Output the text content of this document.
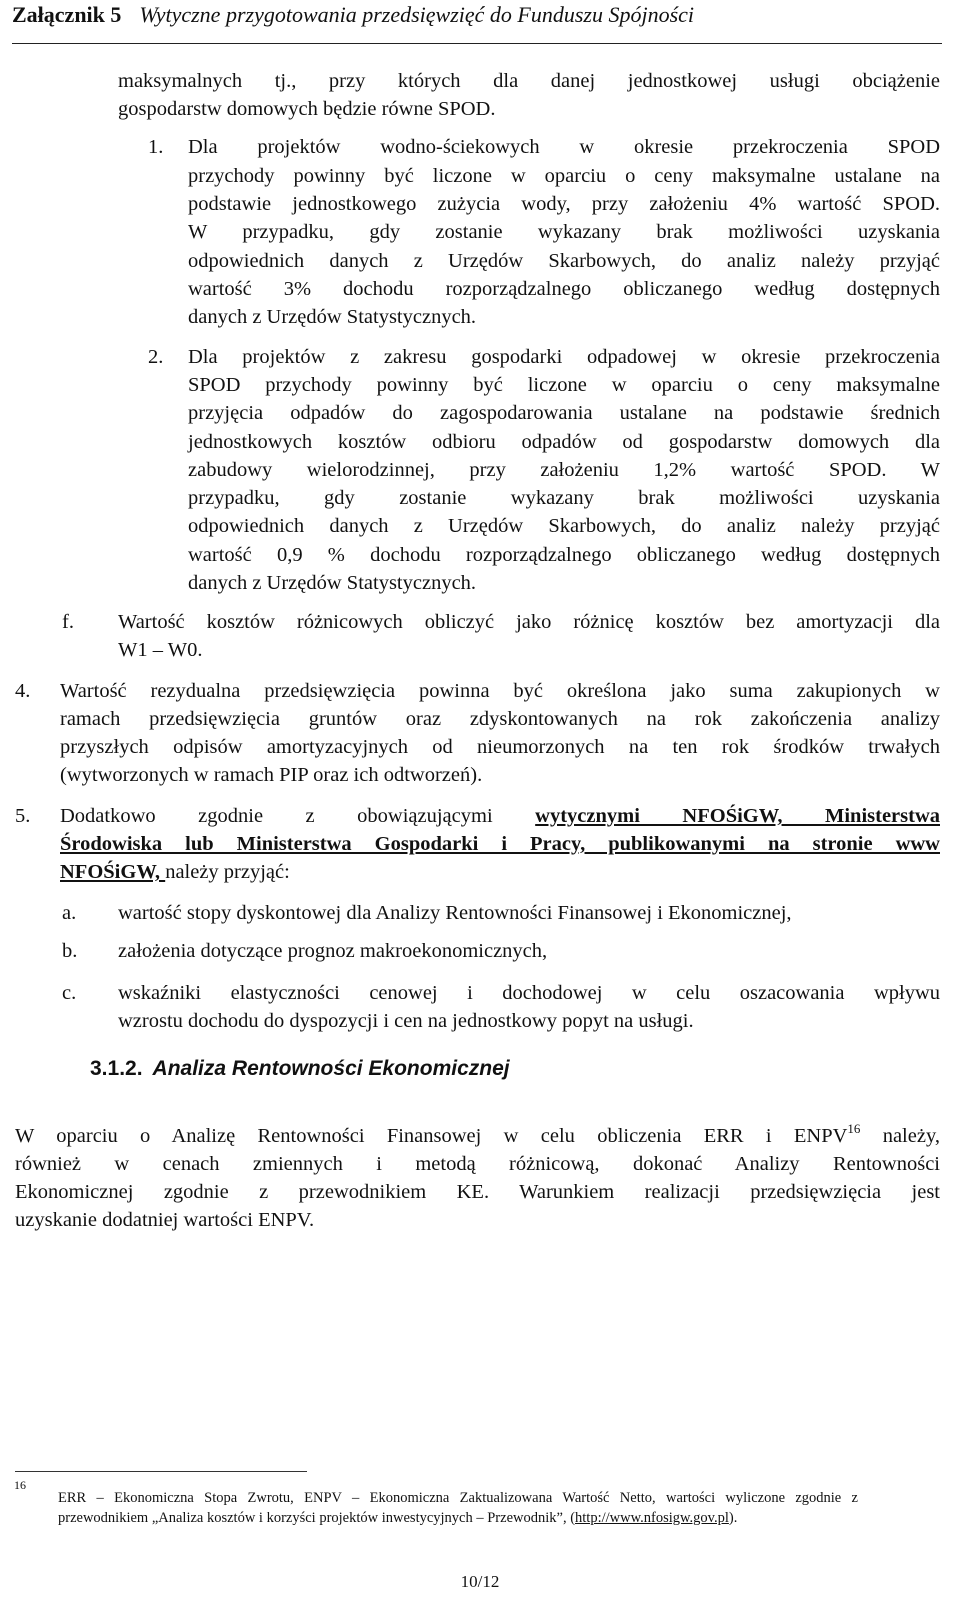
Załącznik 5 Wytyczne przygotowania przedsięwzięć do Funduszu Spójności
maksymalnych tj., przy których dla danej jednostkowej usługi obciążenie
gospodarstw domowych będzie równe SPOD.
1. Dla projektów wodno-ściekowych w okresie przekroczenia SPOD
przychody powinny być liczone w oparciu o ceny maksymalne ustalane na
podstawie jednostkowego zużycia wody, przy założeniu 4% wartość SPOD.
W przypadku, gdy zostanie wykazany brak możliwości uzyskania
odpowiednich danych z Urzędów Skarbowych, do analiz należy przyjąć
wartość 3% dochodu rozporządzalnego obliczanego według dostępnych
danych z Urzędów Statystycznych.
2. Dla projektów z zakresu gospodarki odpadowej w okresie przekroczenia
SPOD przychody powinny być liczone w oparciu o ceny maksymalne
przyjęcia odpadów do zagospodarowania ustalane na podstawie średnich
jednostkowych kosztów odbioru odpadów od gospodarstw domowych dla
zabudowy wielorodzinnej, przy założeniu 1,2% wartość SPOD. W
przypadku, gdy zostanie wykazany brak możliwości uzyskania
odpowiednich danych z Urzędów Skarbowych, do analiz należy przyjąć
wartość 0,9 % dochodu rozporządzalnego obliczanego według dostępnych
danych z Urzędów Statystycznych.
f. Wartość kosztów różnicowych obliczyć jako różnicę kosztów bez amortyzacji dla
W1 – W0.
4. Wartość rezydualna przedsięwzięcia powinna być określona jako suma zakupionych w
ramach przedsięwzięcia gruntów oraz zdyskontowanych na rok zakończenia analizy
przyszłych odpisów amortyzacyjnych od nieumorzonych na ten rok środków trwałych
(wytworzonych w ramach PIP oraz ich odtworzeń).
5. Dodatkowo zgodnie z obowiązującymi wytycznymi NFOŚiGW, Ministerstwa
Środowiska lub Ministerstwa Gospodarki i Pracy, publikowanymi na stronie www
NFOŚiGW, należy przyjąć:
a. wartość stopy dyskontowej dla Analizy Rentowności Finansowej i Ekonomicznej,
b. założenia dotyczące prognoz makroekonomicznych,
c. wskaźniki elastyczności cenowej i dochodowej w celu oszacowania wpływu
wzrostu dochodu do dyspozycji i cen na jednostkowy popyt na usługi.
3.1.2. Analiza Rentowności Ekonomicznej
W oparciu o Analizę Rentowności Finansowej w celu obliczenia ERR i ENPV$^{16}$ należy,
również w cenach zmiennych i metodą różnicową, dokonać Analizy Rentowności
Ekonomicznej zgodnie z przewodnikiem KE. Warunkiem realizacji przedsięwzięcia jest
uzyskanie dodatniej wartości ENPV.
16
ERR – Ekonomiczna Stopa Zwrotu, ENPV – Ekonomiczna Zaktualizowana Wartość Netto, wartości wyliczone zgodnie z
przewodnikiem „Analiza kosztów i korzyści projektów inwestycyjnych – Przewodnik”, (http://www.nfosigw.gov.pl).
10/12
